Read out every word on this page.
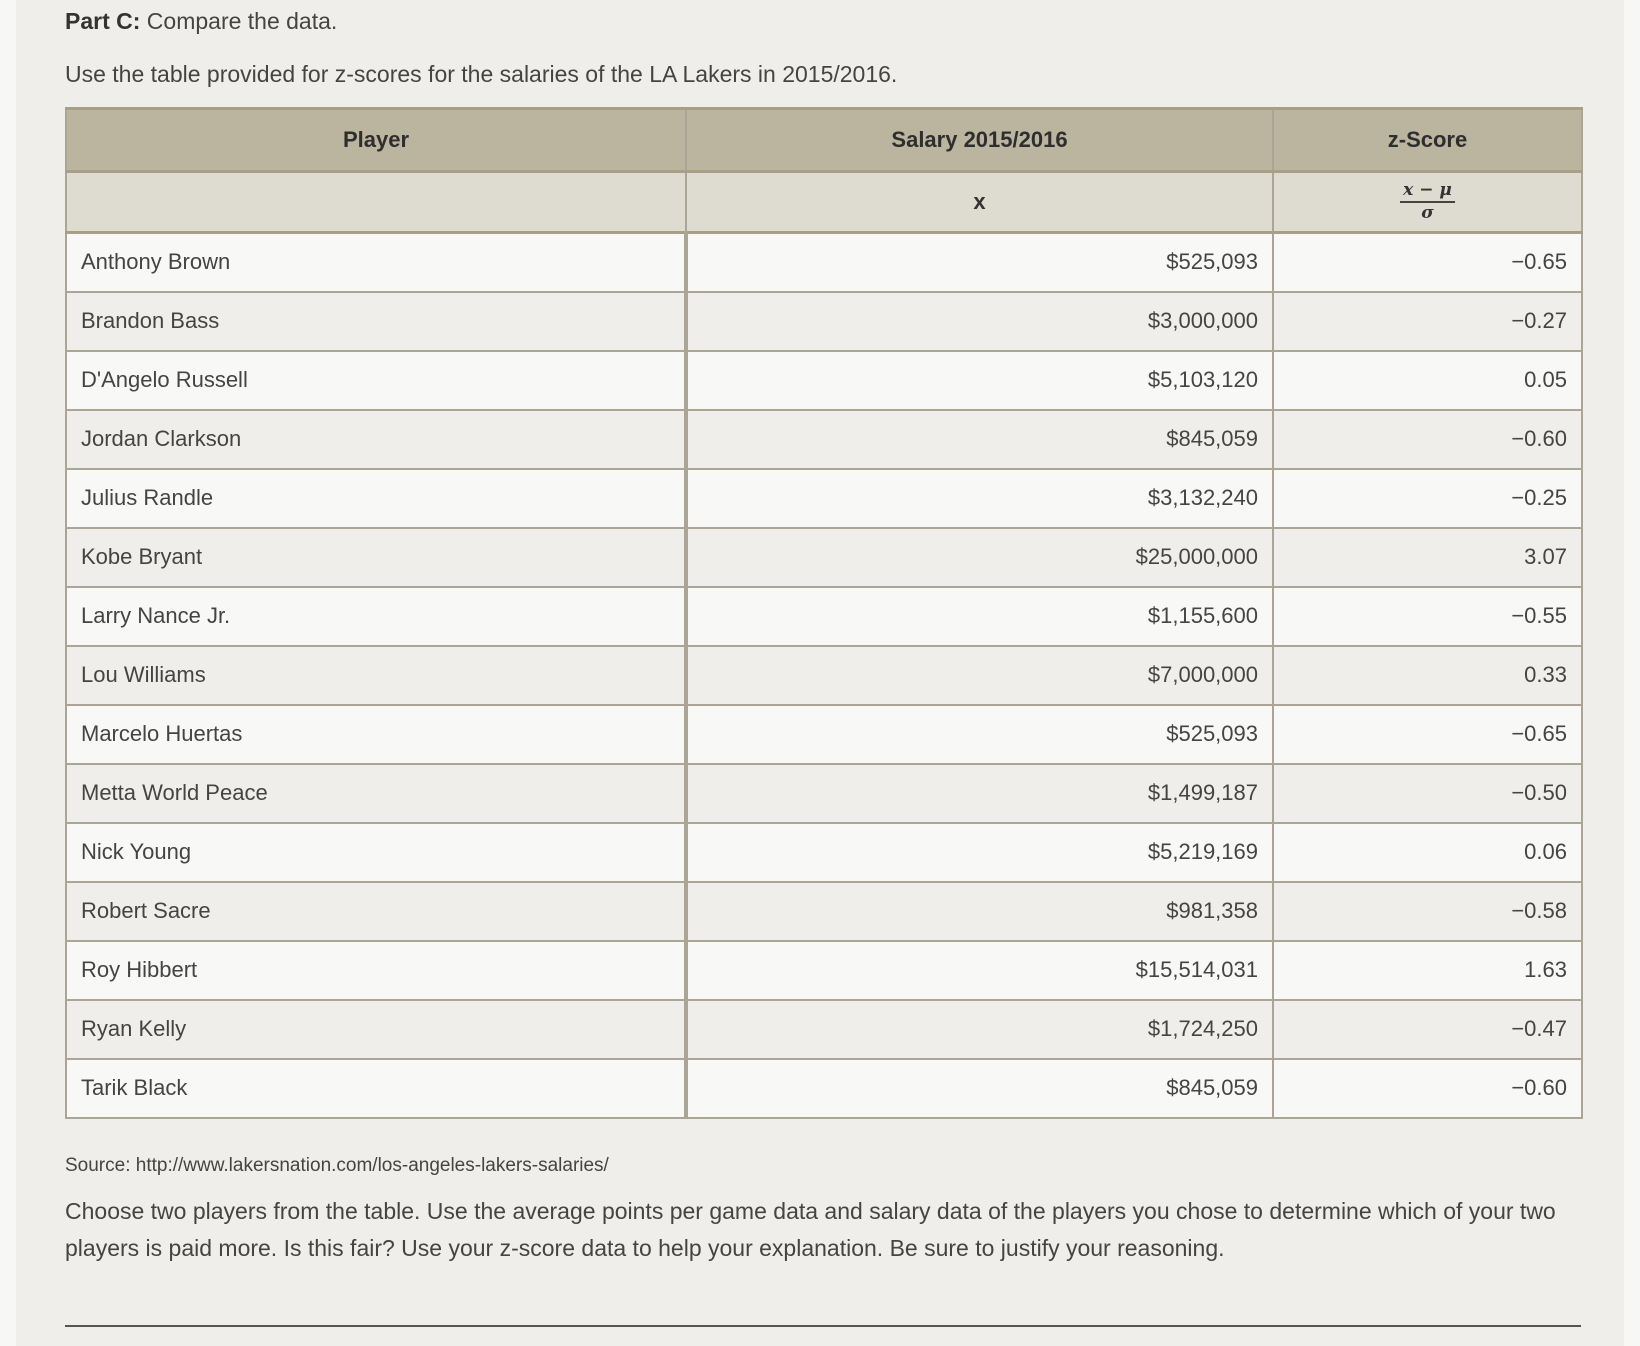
Part C: Compare the data.
Use the table provided for z-scores for the salaries of the LA Lakers in 2015/2016.
Player	Salary 2015/2016	z-Score
	x	$\frac{x - \mu}{\sigma}$

Anthony Brown	$525,093	−0.65
Brandon Bass	$3,000,000	−0.27
D'Angelo Russell	$5,103,120	0.05
Jordan Clarkson	$845,059	−0.60
Julius Randle	$3,132,240	−0.25
Kobe Bryant	$25,000,000	3.07
Larry Nance Jr.	$1,155,600	−0.55
Lou Williams	$7,000,000	0.33
Marcelo Huertas	$525,093	−0.65
Metta World Peace	$1,499,187	−0.50
Nick Young	$5,219,169	0.06
Robert Sacre	$981,358	−0.58
Roy Hibbert	$15,514,031	1.63
Ryan Kelly	$1,724,250	−0.47
Tarik Black	$845,059	−0.60
Source: http://www.lakersnation.com/los-angeles-lakers-salaries/
Choose two players from the table. Use the average points per game data and salary data of the players you chose to determine which of your two players is paid more. Is this fair? Use your z-score data to help your explanation. Be sure to justify your reasoning.
